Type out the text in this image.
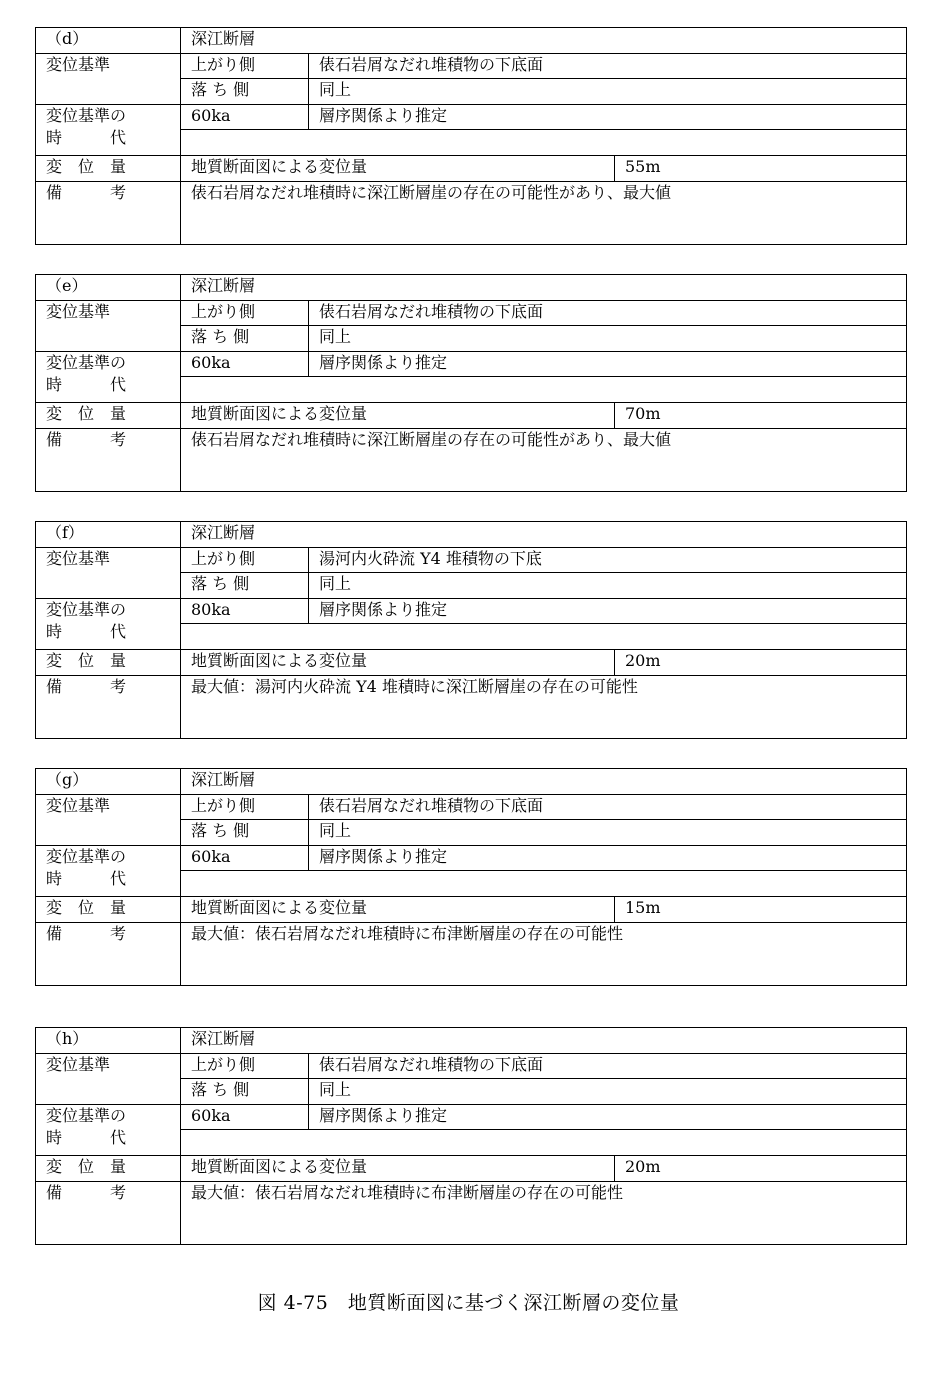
（d）	深江断層		
変位基準	上がり側	俵石岩屑なだれ堆積物の下底面	
	落 ち 側	同上	
変位基準の
時　　　代	60ka	層序関係より推定	

変　位　量	地質断面図による変位量		55m
備　　　考	俵石岩屑なだれ堆積時に深江断層崖の存在の可能性があり、最大値		
（e）	深江断層		
変位基準	上がり側	俵石岩屑なだれ堆積物の下底面	
	落 ち 側	同上	
変位基準の
時　　　代	60ka	層序関係より推定	

変　位　量	地質断面図による変位量		70m
備　　　考	俵石岩屑なだれ堆積時に深江断層崖の存在の可能性があり、最大値		
（f）	深江断層		
変位基準	上がり側	湯河内火砕流 Y4 堆積物の下底	
	落 ち 側	同上	
変位基準の
時　　　代	80ka	層序関係より推定	

変　位　量	地質断面図による変位量		20m
備　　　考	最大値：湯河内火砕流 Y4 堆積時に深江断層崖の存在の可能性		
（g）	深江断層		
変位基準	上がり側	俵石岩屑なだれ堆積物の下底面	
	落 ち 側	同上	
変位基準の
時　　　代	60ka	層序関係より推定	

変　位　量	地質断面図による変位量		15m
備　　　考	最大値：俵石岩屑なだれ堆積時に布津断層崖の存在の可能性		
（h）	深江断層		
変位基準	上がり側	俵石岩屑なだれ堆積物の下底面	
	落 ち 側	同上	
変位基準の
時　　　代	60ka	層序関係より推定	

変　位　量	地質断面図による変位量		20m
備　　　考	最大値：俵石岩屑なだれ堆積時に布津断層崖の存在の可能性		
図 4-75　地質断面図に基づく深江断層の変位量
